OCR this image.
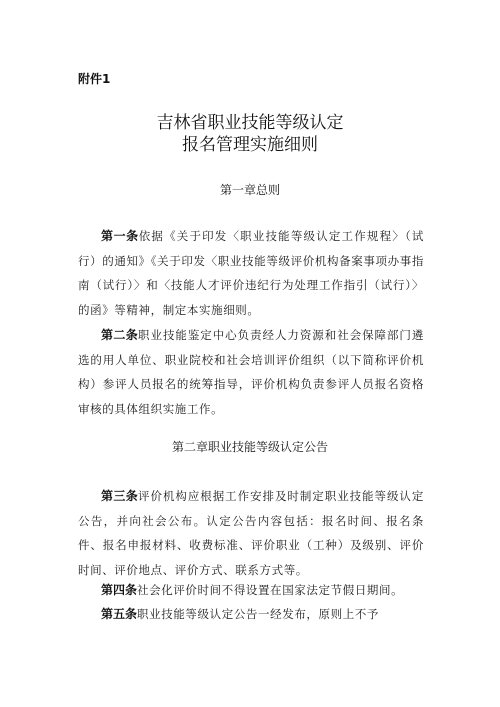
附件1
吉林省职业技能等级认定
报名管理实施细则
第一章总则

第一条依据《关于印发〈职业技能等级认定工作规程〉（试行）的通知》《关于印发〈职业技能等级评价机构备案事项办事指南（试行）〉和〈技能人才评价违纪行为处理工作指引（试行）〉的函》等精神，制定本实施细则。

第二条职业技能鉴定中心负责经人力资源和社会保障部门遴选的用人单位、职业院校和社会培训评价组织（以下简称评价机构）参评人员报名的统筹指导，评价机构负责参评人员报名资格审核的具体组织实施工作。

第二章职业技能等级认定公告

第三条评价机构应根据工作安排及时制定职业技能等级认定公告，并向社会公布。认定公告内容包括：报名时间、报名条件、报名申报材料、收费标准、评价职业（工种）及级别、评价时间、评价地点、评价方式、联系方式等。

第四条社会化评价时间不得设置在国家法定节假日期间。

第五条职业技能等级认定公告一经发布，原则上不予
